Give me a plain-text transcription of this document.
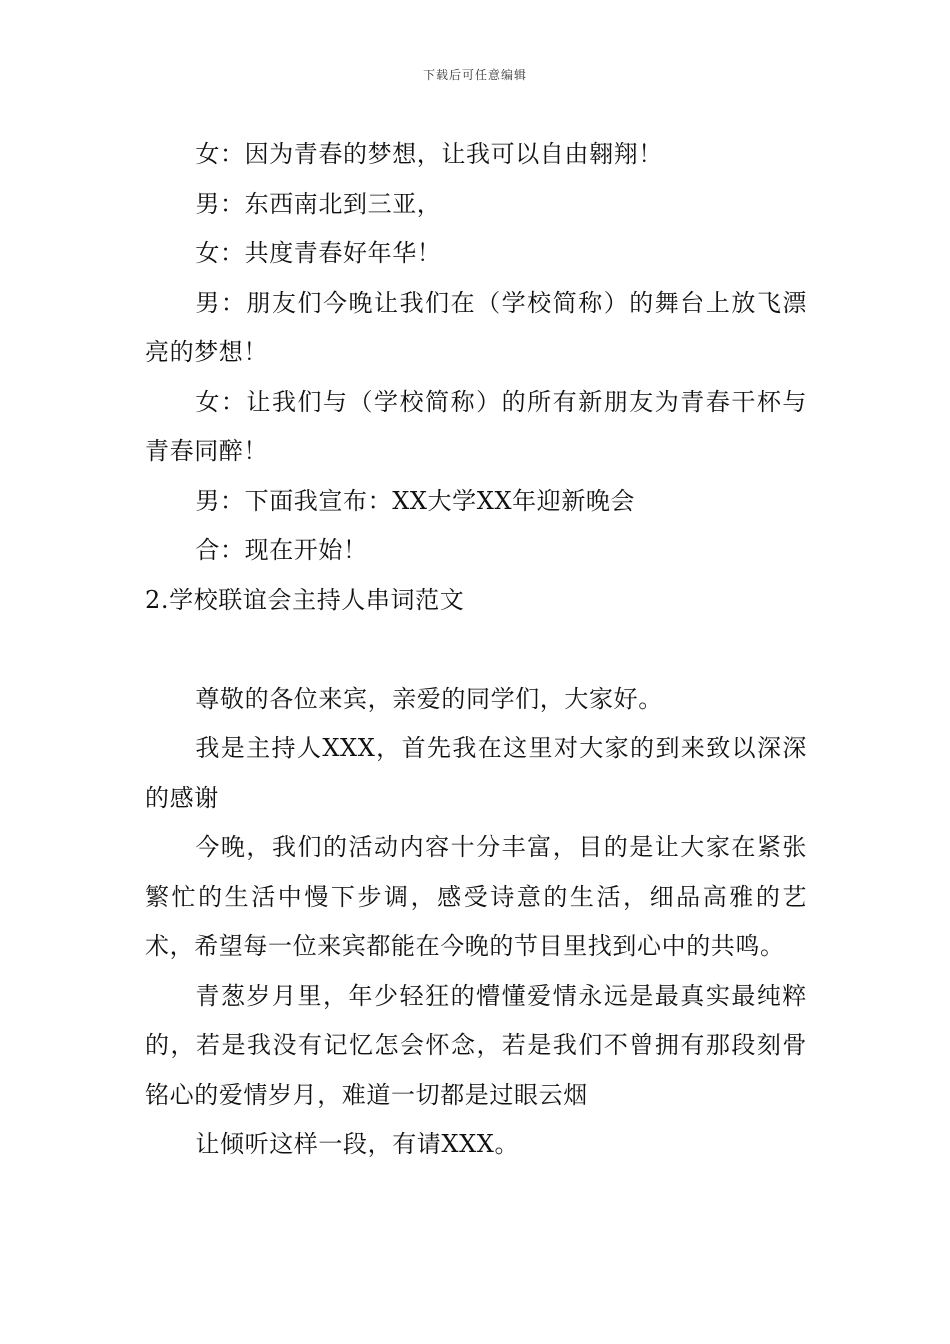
下载后可任意编辑

女：因为青春的梦想，让我可以自由翱翔！

男：东西南北到三亚，

女：共度青春好年华！

男：朋友们今晚让我们在（学校简称）的舞台上放飞漂亮的梦想！

女：让我们与（学校简称）的所有新朋友为青春干杯与青春同醉！

男：下面我宣布：XX大学XX年迎新晚会

合：现在开始！

2.学校联谊会主持人串词范文

尊敬的各位来宾，亲爱的同学们，大家好。

我是主持人XXX，首先我在这里对大家的到来致以深深的感谢

今晚，我们的活动内容十分丰富，目的是让大家在紧张繁忙的生活中慢下步调，感受诗意的生活，细品高雅的艺术，希望每一位来宾都能在今晚的节目里找到心中的共鸣。

青葱岁月里，年少轻狂的懵懂爱情永远是最真实最纯粹的，若是我没有记忆怎会怀念，若是我们不曾拥有那段刻骨铭心的爱情岁月，难道一切都是过眼云烟

让倾听这样一段，有请XXX。
